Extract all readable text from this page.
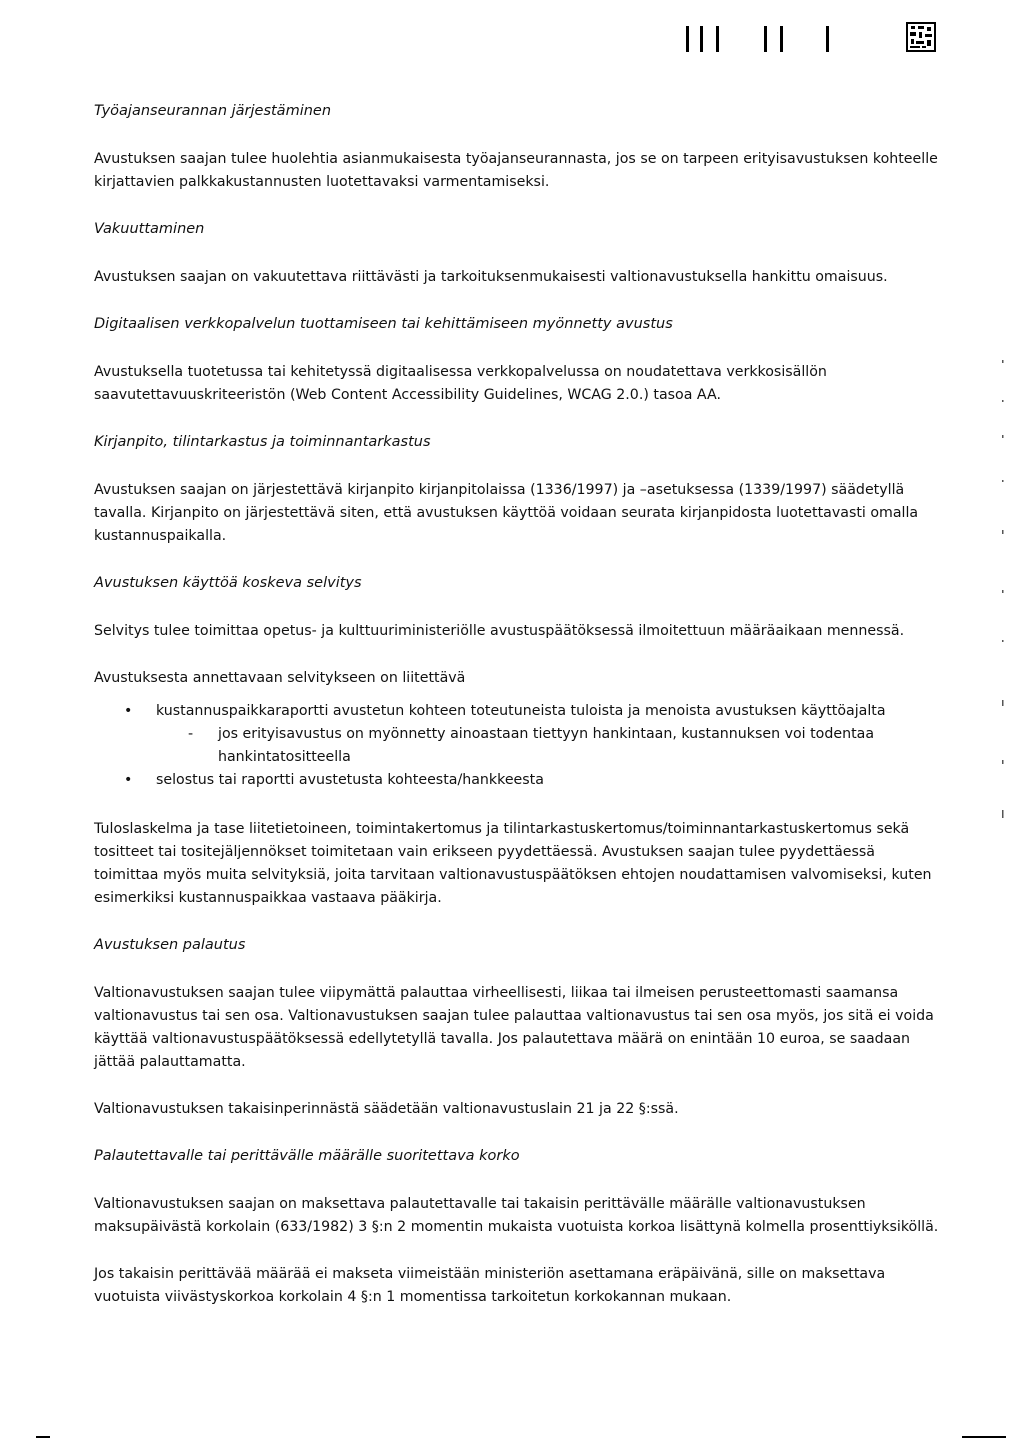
Työajanseurannan järjestäminen
Avustuksen saajan tulee huolehtia asianmukaisesta työajanseurannasta, jos se on tarpeen erityisavustuksen kohteelle kirjattavien palkkakustannusten luotettavaksi varmentamiseksi.
Vakuuttaminen
Avustuksen saajan on vakuutettava riittävästi ja tarkoituksenmukaisesti valtionavustuksella hankittu omaisuus.
Digitaalisen verkkopalvelun tuottamiseen tai kehittämiseen myönnetty avustus
Avustuksella tuotetussa tai kehitetyssä digitaalisessa verkkopalvelussa on noudatettava verkkosisällön saavutettavuuskriteeristön (Web Content Accessibility Guidelines, WCAG 2.0.) tasoa AA.
Kirjanpito, tilintarkastus ja toiminnantarkastus
Avustuksen saajan on järjestettävä kirjanpito kirjanpitolaissa (1336/1997) ja –asetuksessa (1339/1997) säädetyllä tavalla. Kirjanpito on järjestettävä siten, että avustuksen käyttöä voidaan seurata kirjanpidosta luotettavasti omalla kustannuspaikalla.
Avustuksen käyttöä koskeva selvitys
Selvitys tulee toimittaa opetus- ja kulttuuriministeriölle avustuspäätöksessä ilmoitettuun määräaikaan mennessä.
Avustuksesta annettavaan selvitykseen on liitettävä
• kustannuspaikkaraportti avustetun kohteen toteutuneista tuloista ja menoista avustuksen käyttöajalta
- jos erityisavustus on myönnetty ainoastaan tiettyyn hankintaan, kustannuksen voi todentaa hankintatositteella
• selostus tai raportti avustetusta kohteesta/hankkeesta
Tuloslaskelma ja tase liitetietoineen, toimintakertomus ja tilintarkastuskertomus/toiminnantarkastuskertomus sekä tositteet tai tositejäljennökset toimitetaan vain erikseen pyydettäessä. Avustuksen saajan tulee pyydettäessä toimittaa myös muita selvityksiä, joita tarvitaan valtionavustuspäätöksen ehtojen noudattamisen valvomiseksi, kuten esimerkiksi kustannuspaikkaa vastaava pääkirja.
Avustuksen palautus
Valtionavustuksen saajan tulee viipymättä palauttaa virheellisesti, liikaa tai ilmeisen perusteettomasti saamansa valtionavustus tai sen osa. Valtionavustuksen saajan tulee palauttaa valtionavustus tai sen osa myös, jos sitä ei voida käyttää valtionavustuspäätöksessä edellytetyllä tavalla. Jos palautettava määrä on enintään 10 euroa, se saadaan jättää palauttamatta.
Valtionavustuksen takaisinperinnästä säädetään valtionavustuslain 21 ja 22 §:ssä.
Palautettavalle tai perittävälle määrälle suoritettava korko
Valtionavustuksen saajan on maksettava palautettavalle tai takaisin perittävälle määrälle valtionavustuksen maksupäivästä korkolain (633/1982) 3 §:n 2 momentin mukaista vuotuista korkoa lisättynä kolmella prosenttiyksiköllä.
Jos takaisin perittävää määrää ei makseta viimeistään ministeriön asettamana eräpäivänä, sille on maksettava vuotuista viivästyskorkoa korkolain 4 §:n 1 momentissa tarkoitetun korkokannan mukaan.
